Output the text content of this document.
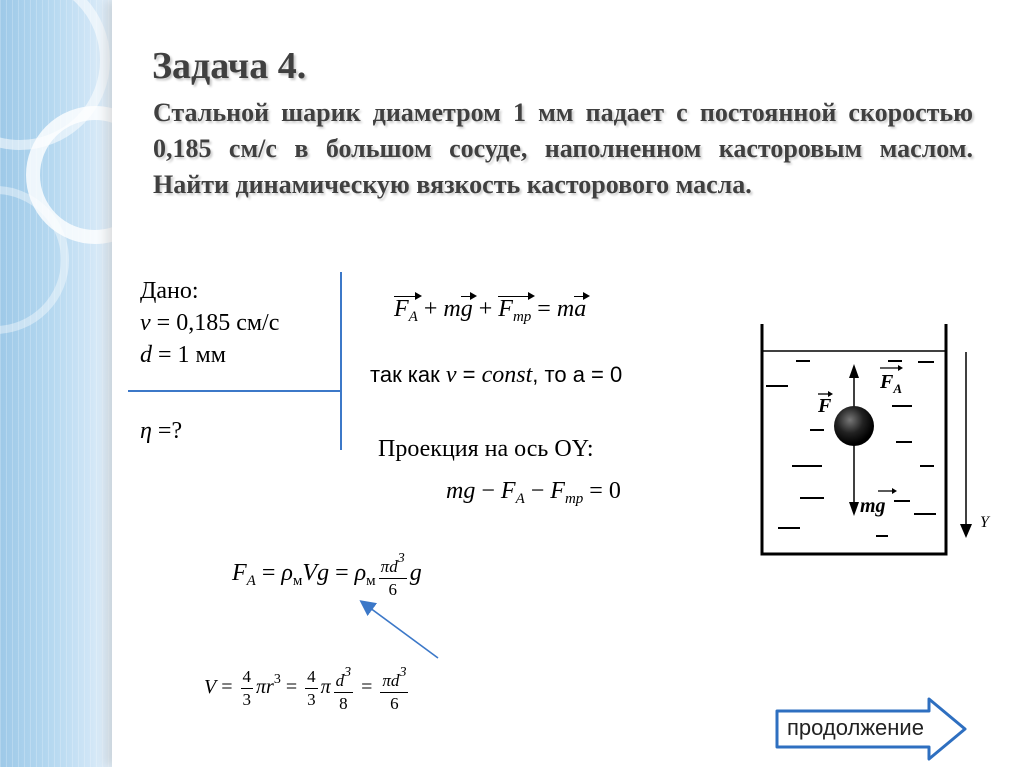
Задача 4.

Стальной шарик диаметром 1 мм падает с постоянной скоростью 0,185 см/с в большом сосуде, наполненном касторовым маслом. Найти динамическую вязкость касторового масла.

Дано:
v = 0,185 см/с
d = 1 мм
η =?
$F_A$ + mg + $F_{тр}$ = ma
так как v = const, то a = 0
Проекция на ось OY:
mg − $F_A - F_{тр} = 0$
$F_A = \rho_мVg = \rho_м \frac{\pi d^3}{6}$ g
$V = \frac{4}{3} \pi r^3 = \frac{4}{3}$ π $\frac{d^3}{8} = \frac{\pi d^3}{6}$
F
$F_A$
mg
Y
продолжение
